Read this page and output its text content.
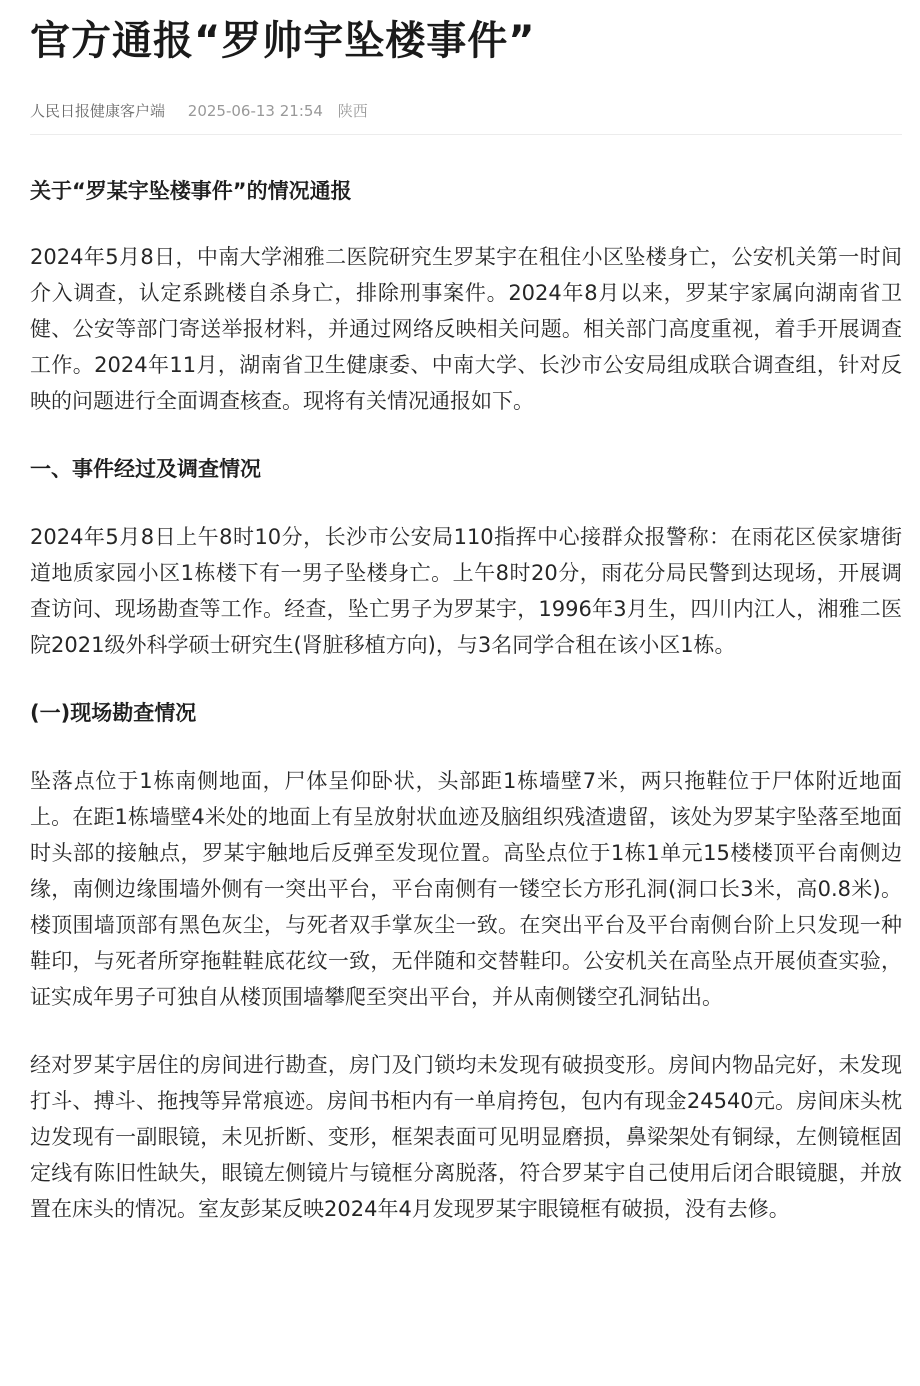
官方通报“罗帅宇坠楼事件”
人民日报健康客户端 2025-06-13 21:54 陕西

关于“罗某宇坠楼事件”的情况通报

2024年5月8日，中南大学湘雅二医院研究生罗某宇在租住小区坠楼身亡，公安机关第一时间介入调查，认定系跳楼自杀身亡，排除刑事案件。2024年8月以来，罗某宇家属向湖南省卫健、公安等部门寄送举报材料，并通过网络反映相关问题。相关部门高度重视，着手开展调查工作。2024年11月，湖南省卫生健康委、中南大学、长沙市公安局组成联合调查组，针对反映的问题进行全面调查核查。现将有关情况通报如下。

一、事件经过及调查情况

2024年5月8日上午8时10分，长沙市公安局110指挥中心接群众报警称：在雨花区侯家塘街道地质家园小区1栋楼下有一男子坠楼身亡。上午8时20分，雨花分局民警到达现场，开展调查访问、现场勘查等工作。经查，坠亡男子为罗某宇，1996年3月生，四川内江人，湘雅二医院2021级外科学硕士研究生(肾脏移植方向)，与3名同学合租在该小区1栋。

(一)现场勘查情况

坠落点位于1栋南侧地面，尸体呈仰卧状，头部距1栋墙壁7米，两只拖鞋位于尸体附近地面上。在距1栋墙壁4米处的地面上有呈放射状血迹及脑组织残渣遗留，该处为罗某宇坠落至地面时头部的接触点，罗某宇触地后反弹至发现位置。高坠点位于1栋1单元15楼楼顶平台南侧边缘，南侧边缘围墙外侧有一突出平台，平台南侧有一镂空长方形孔洞(洞口长3米，高0.8米)。楼顶围墙顶部有黑色灰尘，与死者双手掌灰尘一致。在突出平台及平台南侧台阶上只发现一种鞋印，与死者所穿拖鞋鞋底花纹一致，无伴随和交替鞋印。公安机关在高坠点开展侦查实验，证实成年男子可独自从楼顶围墙攀爬至突出平台，并从南侧镂空孔洞钻出。

经对罗某宇居住的房间进行勘查，房门及门锁均未发现有破损变形。房间内物品完好，未发现打斗、搏斗、拖拽等异常痕迹。房间书柜内有一单肩挎包，包内有现金24540元。房间床头枕边发现有一副眼镜，未见折断、变形，框架表面可见明显磨损，鼻梁架处有铜绿，左侧镜框固定线有陈旧性缺失，眼镜左侧镜片与镜框分离脱落，符合罗某宇自己使用后闭合眼镜腿，并放置在床头的情况。室友彭某反映2024年4月发现罗某宇眼镜框有破损，没有去修。
